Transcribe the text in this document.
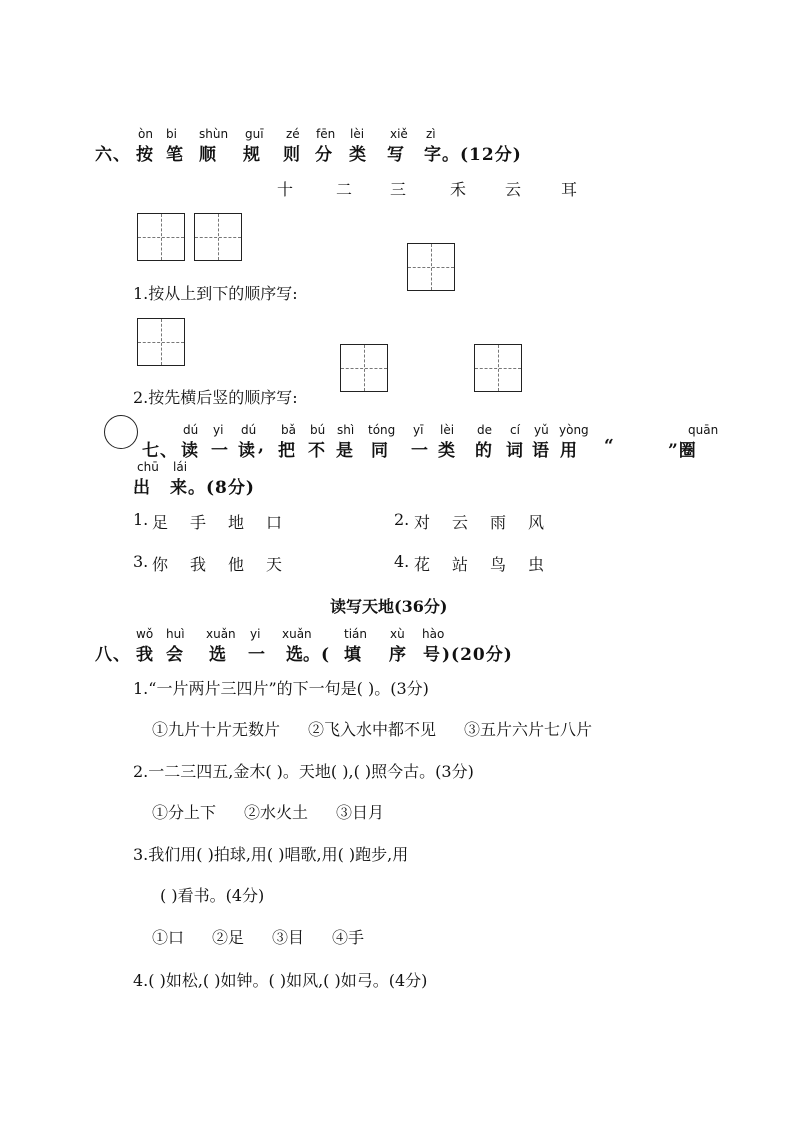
òn bi shùn guī zé fēn lèi xiě zì
六、 按 笔 顺 规 则 分 类 写 字 。(12分)
十	二 三	禾 云 耳
1.按从上到下的顺序写:
2.按先横后竖的顺序写:
dú yi dú bǎ bú shì tóng yī lèi de cí yǔ yòng	quān
七、 读 一 读 , 把 不 是 同 一 类 的 词 语 用 “	”圈
chū lái
出 来 。(8分)
1. 足 手 地 口	2. 对 云 雨 风
3. 你 我 他 天	4. 花 站 鸟 虫
读写天地(36分)
wǒ huì xuǎn yi xuǎn	tián xù hào
八、 我 会 选 一 选 。( 填 序 号 )(20分)
1.“一片两片三四片”的下一句是( )。(3分)
①九片十片无数片 ②飞入水中都不见 ③五片六片七八片
2.一二三四五,金木( )。天地( ),( )照今古。(3分)
①分上下 ②水火土 ③日月
3.我们用( )拍球,用( )唱歌,用( )跑步,用
( )看书。(4分)
①口 ②足 ③目 ④手
4.( )如松,( )如钟。( )如风,( )如弓。(4分)
